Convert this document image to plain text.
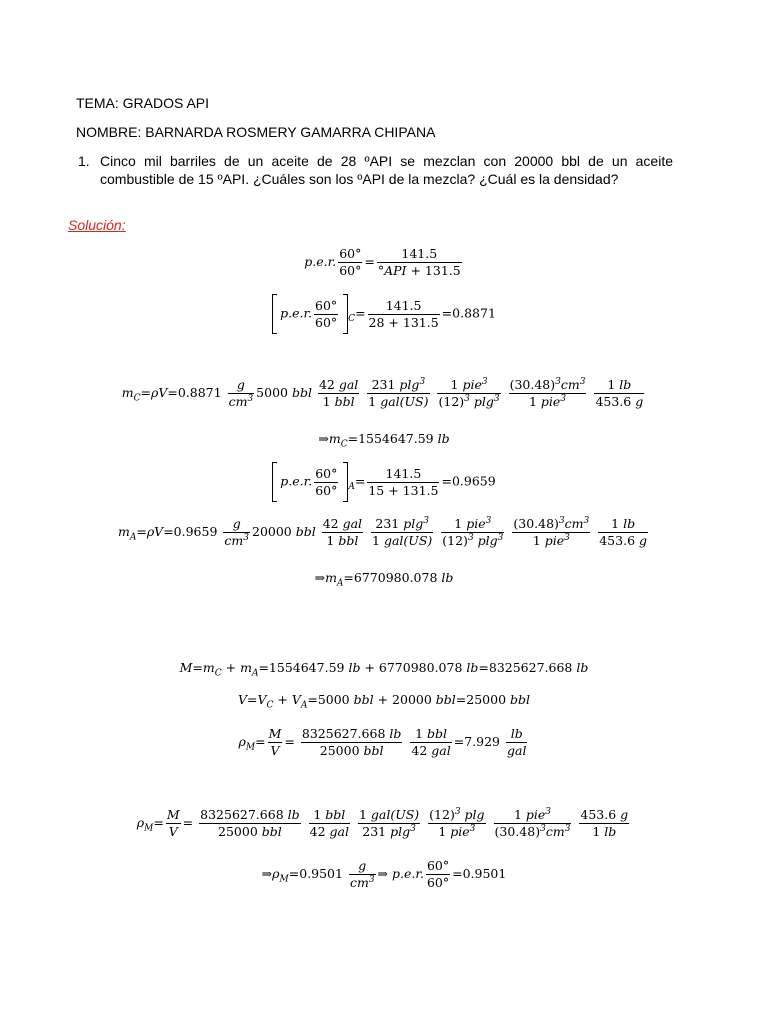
TEMA: GRADOS API
NOMBRE: BARNARDA ROSMERY GAMARRA CHIPANA
1. Cinco mil barriles de un aceite de 28 ºAPI se mezclan con 20000 bbl de un aceite combustible de 15 ºAPI. ¿Cuáles son los ºAPI de la mezcla? ¿Cuál es la densidad?
Solución:
p.e.r. $\frac{60^\circ}{60^\circ} = \frac{141.5}{\text{°API + 131.5}}$
p.e.r. $\frac{60^\circ}{60^\circ} _C= \frac{141.5}{28 + 131.5} =0.8871$
$m_C=\rho V=0.8871 \frac{g}{cm^3} 5000$ bbl $\frac{\text{42 gal}}{\text{1 bbl}}$
$\frac{231 plg^3}{\text{1 gal(US)}}$
$\frac{1 pie^3}{(12)^3 plg^3}$
$\frac{(30.48)^3cm^3}{1 pie^3}$
$\frac{1 lb}{453.6 g}$
$\Rightarrow m_C=1554647.59$ lb
p.e.r. $\frac{60^\circ}{60^\circ} _A= \frac{141.5}{15 + 131.5} =0.9659$
$m_A=\rho V=0.9659 \frac{g}{cm^3} 20000$ bbl $\frac{\text{42 gal}}{\text{1 bbl}}$
$\frac{231 plg^3}{\text{1 gal(US)}}$
$\frac{1 pie^3}{(12)^3 plg^3}$
$\frac{(30.48)^3cm^3}{1 pie^3}$
$\frac{1 lb}{453.6 g}$
$\Rightarrow m_A=6770980.078$ lb
$M=m_C + m_A=1554647.59$ lb + 6770980.078 lb=8325627.668 lb
$V=V_C + V_A=5000$ bbl + 20000 bbl=25000 bbl
$\rho_M= \frac{M}{V} = \frac{8325627.668 lb}{\text{25000 bbl}}$
$\frac{\text{1 bbl}}{\text{42 gal}} =7.929 \frac{lb}{\text{gal}}$
$\rho_M= \frac{M}{V} = \frac{8325627.668 lb}{\text{25000 bbl}}$
$\frac{\text{1 bbl}}{\text{42 gal}}$
$\frac{\text{1 gal(US)}}{231 plg^3}$
$\frac{(12)^3 plg}{1 pie^3}$
$\frac{1 pie^3}{(30.48)^3cm^3}$
$\frac{453.6 g}{1 lb}$
$\Rightarrow\rho_M=0.9501 \frac{g}{cm^3}$ ⇒ p.e.r. $\frac{60^\circ}{60^\circ} =0.9501$
